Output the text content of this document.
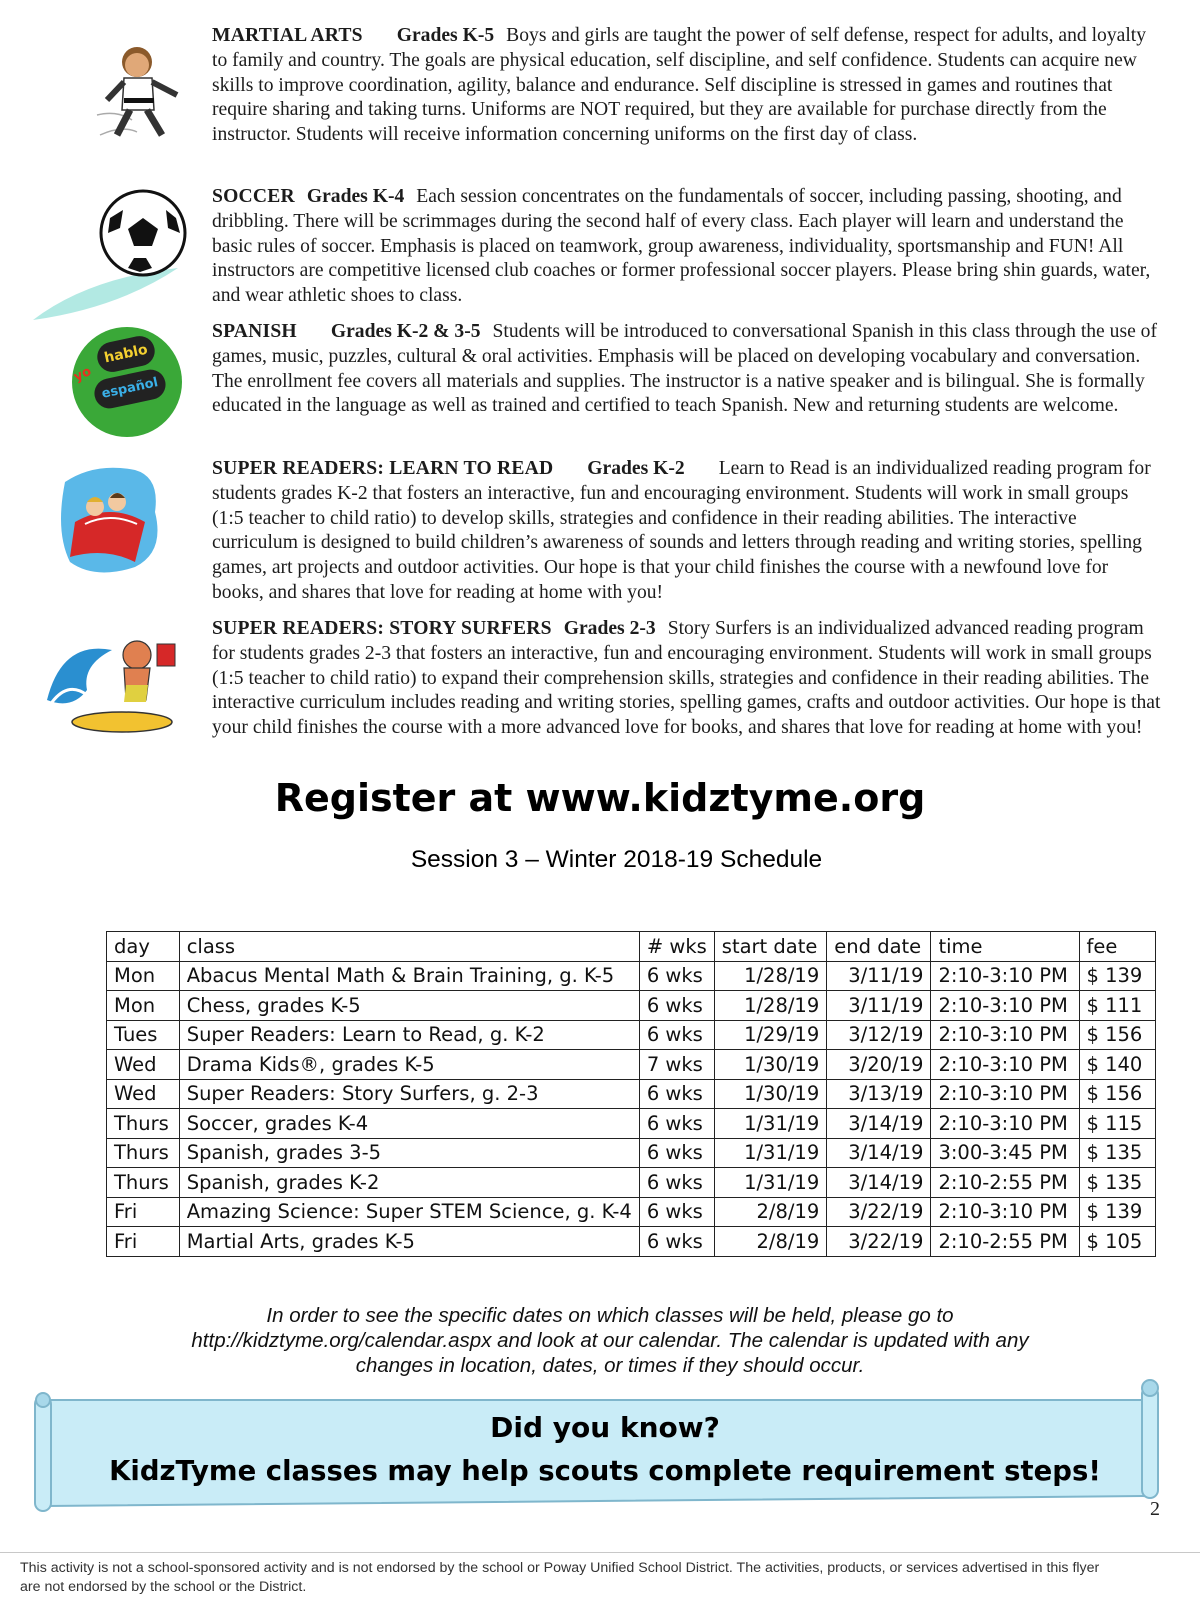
MARTIAL ARTS Grades K-5 Boys and girls are taught the power of self defense, respect for adults, and loyalty to family and country. The goals are physical education, self discipline, and self confidence. Students can acquire new skills to improve coordination, agility, balance and endurance. Self discipline is stressed in games and routines that require sharing and taking turns. Uniforms are NOT required, but they are available for purchase directly from the instructor. Students will receive information concerning uniforms on the first day of class.
SOCCER Grades K-4 Each session concentrates on the fundamentals of soccer, including passing, shooting, and dribbling. There will be scrimmages during the second half of every class. Each player will learn and understand the basic rules of soccer. Emphasis is placed on teamwork, group awareness, individuality, sportsmanship and FUN! All instructors are competitive licensed club coaches or former professional soccer players. Please bring shin guards, water, and wear athletic shoes to class.
SPANISH Grades K-2 & 3-5 Students will be introduced to conversational Spanish in this class through the use of games, music, puzzles, cultural & oral activities. Emphasis will be placed on developing vocabulary and conversation. The enrollment fee covers all materials and supplies. The instructor is a native speaker and is bilingual. She is formally educated in the language as well as trained and certified to teach Spanish. New and returning students are welcome.
SUPER READERS: LEARN TO READ Grades K-2 Learn to Read is an individualized reading program for students grades K-2 that fosters an interactive, fun and encouraging environment. Students will work in small groups (1:5 teacher to child ratio) to develop skills, strategies and confidence in their reading abilities. The interactive curriculum is designed to build children’s awareness of sounds and letters through reading and writing stories, spelling games, art projects and outdoor activities. Our hope is that your child finishes the course with a newfound love for books, and shares that love for reading at home with you!
SUPER READERS: STORY SURFERS Grades 2-3 Story Surfers is an individualized advanced reading program for students grades 2-3 that fosters an interactive, fun and encouraging environment. Students will work in small groups (1:5 teacher to child ratio) to expand their comprehension skills, strategies and confidence in their reading abilities. The interactive curriculum includes reading and writing stories, spelling games, crafts and outdoor activities. Our hope is that your child finishes the course with a more advanced love for books, and shares that love for reading at home with you!
hablo
yo
español
Register at www.kidztyme.org
Session 3 – Winter 2018-19 Schedule
day	class	# wks	start date	end date	time	fee
Mon	Abacus Mental Math & Brain Training, g. K-5	6 wks	1/28/19	3/11/19	2:10-3:10 PM	$ 139
Mon	Chess, grades K-5	6 wks	1/28/19	3/11/19	2:10-3:10 PM	$ 111
Tues	Super Readers: Learn to Read, g. K-2	6 wks	1/29/19	3/12/19	2:10-3:10 PM	$ 156
Wed	Drama Kids®, grades K-5	7 wks	1/30/19	3/20/19	2:10-3:10 PM	$ 140
Wed	Super Readers: Story Surfers, g. 2-3	6 wks	1/30/19	3/13/19	2:10-3:10 PM	$ 156
Thurs	Soccer, grades K-4	6 wks	1/31/19	3/14/19	2:10-3:10 PM	$ 115
Thurs	Spanish, grades 3-5	6 wks	1/31/19	3/14/19	3:00-3:45 PM	$ 135
Thurs	Spanish, grades K-2	6 wks	1/31/19	3/14/19	2:10-2:55 PM	$ 135
Fri	Amazing Science: Super STEM Science, g. K-4	6 wks	2/8/19	3/22/19	2:10-3:10 PM	$ 139
Fri	Martial Arts, grades K-5	6 wks	2/8/19	3/22/19	2:10-2:55 PM	$ 105
In order to see the specific dates on which classes will be held, please go to
http://kidztyme.org/calendar.aspx and look at our calendar. The calendar is updated with any
changes in location, dates, or times if they should occur.
Did you know?
KidzTyme classes may help scouts complete requirement steps!
2
This activity is not a school-sponsored activity and is not endorsed by the school or Poway Unified School District. The activities, products, or services advertised in this flyer
are not endorsed by the school or the District.
